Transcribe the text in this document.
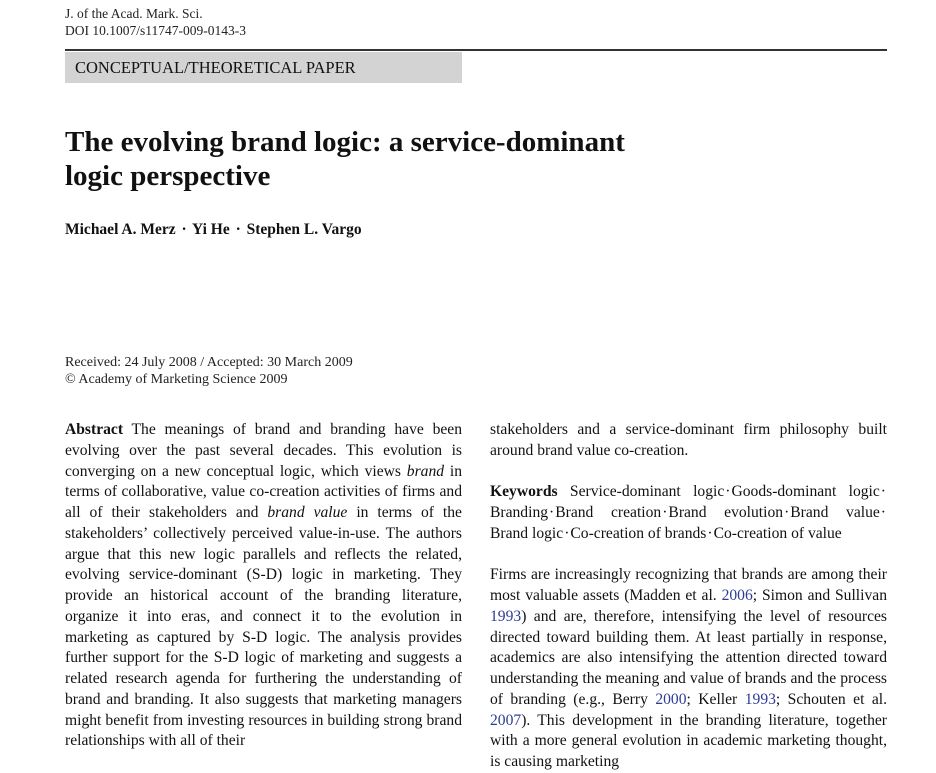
J. of the Acad. Mark. Sci.
DOI 10.1007/s11747-009-0143-3
CONCEPTUAL/THEORETICAL PAPER
The evolving brand logic: a service-dominant
logic perspective
Michael A. Merz · Yi He · Stephen L. Vargo
Received: 24 July 2008 / Accepted: 30 March 2009
© Academy of Marketing Science 2009

Abstract The meanings of brand and branding have been evolving over the past several decades. This evolution is converging on a new conceptual logic, which views brand in terms of collaborative, value co-creation activities of firms and all of their stakeholders and brand value in terms of the stakeholders’ collectively perceived value-in-use. The authors argue that this new logic parallels and reflects the related, evolving service-dominant (S-D) logic in marketing. They provide an historical account of the branding literature, organize it into eras, and connect it to the evolution in marketing as captured by S-D logic. The analysis provides further support for the S-D logic of marketing and suggests a related research agenda for furthering the understanding of brand and branding. It also suggests that marketing managers might benefit from investing resources in building strong brand relationships with all of their

stakeholders and a service-dominant firm philosophy built around brand value co-creation.

Keywords Service-dominant logic·Goods-dominant logic· Branding·Brand creation·Brand evolution·Brand value· Brand logic·Co-creation of brands·Co-creation of value

Firms are increasingly recognizing that brands are among their most valuable assets (Madden et al. 2006; Simon and Sullivan 1993) and are, therefore, intensifying the level of resources directed toward building them. At least partially in response, academics are also intensifying the attention directed toward understanding the meaning and value of brands and the process of branding (e.g., Berry 2000; Keller 1993; Schouten et al. 2007). This development in the branding literature, together with a more general evolution in academic marketing thought, is causing marketing
